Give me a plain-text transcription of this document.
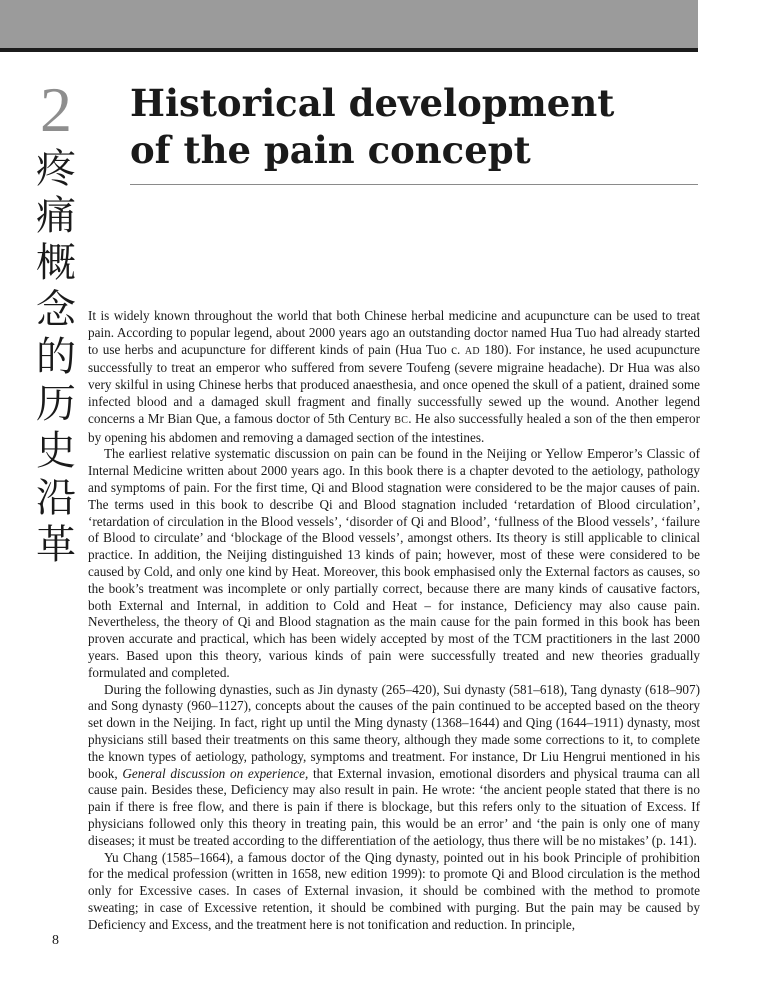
2
疼
痛
概
念
的
历
史
沿
革
Historical development
of the pain concept

It is widely known throughout the world that both Chinese herbal medicine and acupuncture can be used to treat pain. According to popular legend, about 2000 years ago an outstanding doctor named Hua Tuo had already started to use herbs and acupuncture for different kinds of pain (Hua Tuo c. AD 180). For instance, he used acupuncture successfully to treat an emperor who suffered from severe Toufeng (severe migraine headache). Dr Hua was also very skilful in using Chinese herbs that produced anaesthesia, and once opened the skull of a patient, drained some infected blood and a damaged skull fragment and finally successfully sewed up the wound. Another legend concerns a Mr Bian Que, a famous doctor of 5th Century BC. He also successfully healed a son of the then emperor by opening his abdomen and removing a damaged section of the intestines.

The earliest relative systematic discussion on pain can be found in the Neijing or Yellow Emperor’s Classic of Internal Medicine written about 2000 years ago. In this book there is a chapter devoted to the aetiology, pathology and symptoms of pain. For the first time, Qi and Blood stagnation were considered to be the major causes of pain. The terms used in this book to describe Qi and Blood stagnation included ‘retardation of Blood circulation’, ‘retardation of circulation in the Blood vessels’, ‘disorder of Qi and Blood’, ‘fullness of the Blood vessels’, ‘failure of Blood to circulate’ and ‘blockage of the Blood vessels’, amongst others. Its theory is still applicable to clinical practice. In addition, the Neijing distinguished 13 kinds of pain; however, most of these were considered to be caused by Cold, and only one kind by Heat. Moreover, this book emphasised only the External factors as causes, so the book’s treatment was incomplete or only partially correct, because there are many kinds of causative factors, both External and Internal, in addition to Cold and Heat – for instance, Deficiency may also cause pain. Nevertheless, the theory of Qi and Blood stagnation as the main cause for the pain formed in this book has been proven accurate and practical, which has been widely accepted by most of the TCM practitioners in the last 2000 years. Based upon this theory, various kinds of pain were successfully treated and new theories gradually formulated and completed.

During the following dynasties, such as Jin dynasty (265–420), Sui dynasty (581–618), Tang dynasty (618–907) and Song dynasty (960–1127), concepts about the causes of the pain continued to be accepted based on the theory set down in the Neijing. In fact, right up until the Ming dynasty (1368–1644) and Qing (1644–1911) dynasty, most physicians still based their treatments on this same theory, although they made some corrections to it, to complete the known types of aetiology, pathology, symptoms and treatment. For instance, Dr Liu Hengrui mentioned in his book, General discussion on experience, that External invasion, emotional disorders and physical trauma can all cause pain. Besides these, Deficiency may also result in pain. He wrote: ‘the ancient people stated that there is no pain if there is free flow, and there is pain if there is blockage, but this refers only to the situation of Excess. If physicians followed only this theory in treating pain, this would be an error’ and ‘the pain is only one of many diseases; it must be treated according to the differentiation of the aetiology, thus there will be no mistakes’ (p. 141).

Yu Chang (1585–1664), a famous doctor of the Qing dynasty, pointed out in his book Principle of prohibition for the medical profession (written in 1658, new edition 1999): to promote Qi and Blood circulation is the method only for Excessive cases. In cases of External invasion, it should be combined with the method to promote sweating; in case of Excessive retention, it should be combined with purging. But the pain may be caused by Deficiency and Excess, and the treatment here is not tonification and reduction. In principle,

8
